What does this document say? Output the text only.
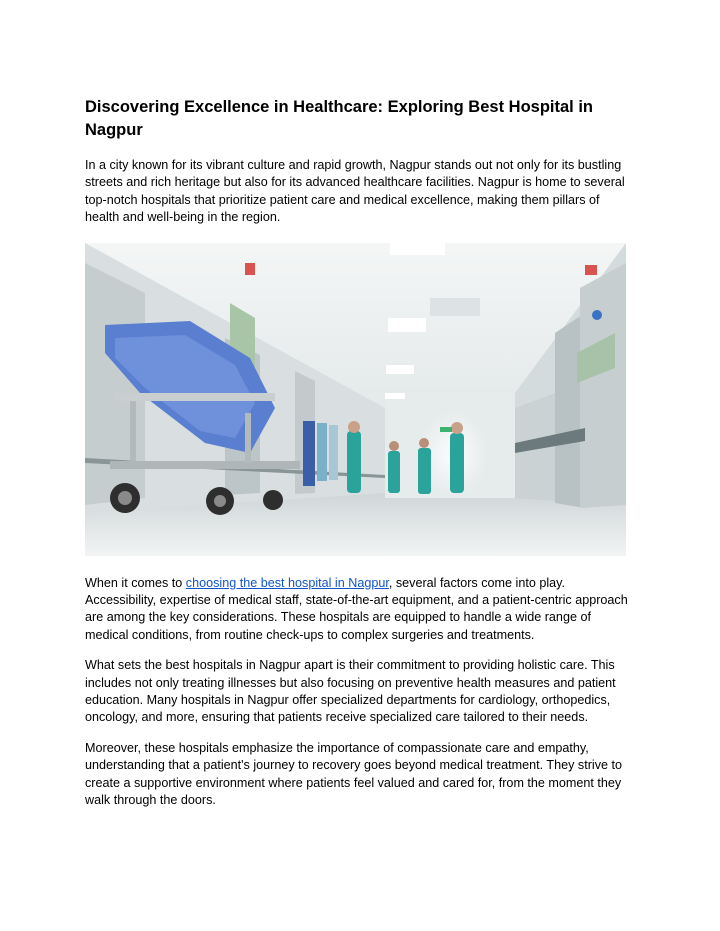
Discovering Excellence in Healthcare: Exploring Best Hospital in Nagpur

In a city known for its vibrant culture and rapid growth, Nagpur stands out not only for its bustling streets and rich heritage but also for its advanced healthcare facilities. Nagpur is home to several top-notch hospitals that prioritize patient care and medical excellence, making them pillars of health and well-being in the region.

When it comes to choosing the best hospital in Nagpur, several factors come into play. Accessibility, expertise of medical staff, state-of-the-art equipment, and a patient-centric approach are among the key considerations. These hospitals are equipped to handle a wide range of medical conditions, from routine check-ups to complex surgeries and treatments.

What sets the best hospitals in Nagpur apart is their commitment to providing holistic care. This includes not only treating illnesses but also focusing on preventive health measures and patient education. Many hospitals in Nagpur offer specialized departments for cardiology, orthopedics, oncology, and more, ensuring that patients receive specialized care tailored to their needs.

Moreover, these hospitals emphasize the importance of compassionate care and empathy, understanding that a patient's journey to recovery goes beyond medical treatment. They strive to create a supportive environment where patients feel valued and cared for, from the moment they walk through the doors.
